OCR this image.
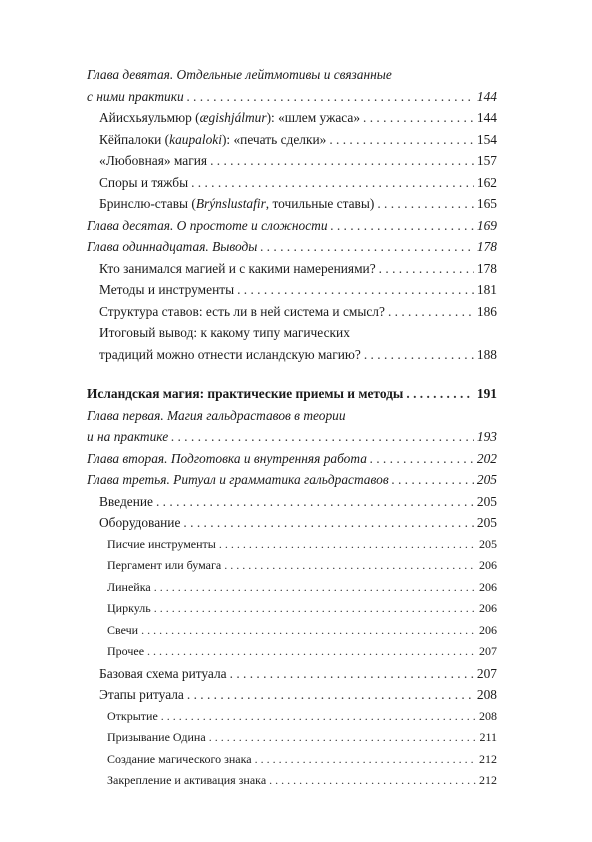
Глава девятая. Отдельные лейтмотивы и связанные
с ними практики . . .	144
Айисхьяульмюр (ægishjálmur): «шлем ужаса» . . .	144
Кёйпалоки (kaupaloki): «печать сделки» . . .	154
«Любовная» магия . . .	157
Споры и тяжбы . . .	162
Бринслю-ставы (Brýnslustafir, точильные ставы) . . .	165
Глава десятая. О простоте и сложности . . .	169
Глава одиннадцатая. Выводы . . .	178
Кто занимался магией и с какими намерениями? . . .	178
Методы и инструменты . . .	181
Структура ставов: есть ли в ней система и смысл? . . .	186
Итоговый вывод: к какому типу магических
традиций можно отнести исландскую магию? . . .	188
Исландская магия: практические приемы и методы . . .	191
Глава первая. Магия гальдраставов в теории
и на практике . . .	193
Глава вторая. Подготовка и внутренняя работа . . .	202
Глава третья. Ритуал и грамматика гальдраставов . . .	205
Введение . . .	205
Оборудование . . .	205
Писчие инструменты . . .	205
Пергамент или бумага . . .	206
Линейка . . .	206
Циркуль . . .	206
Свечи . . .	206
Прочее . . .	207
Базовая схема ритуала . . .	207
Этапы ритуала . . .	208
Открытие . . .	208
Призывание Одина . . .	211
Создание магического знака . . .	212
Закрепление и активация знака . . .	212
